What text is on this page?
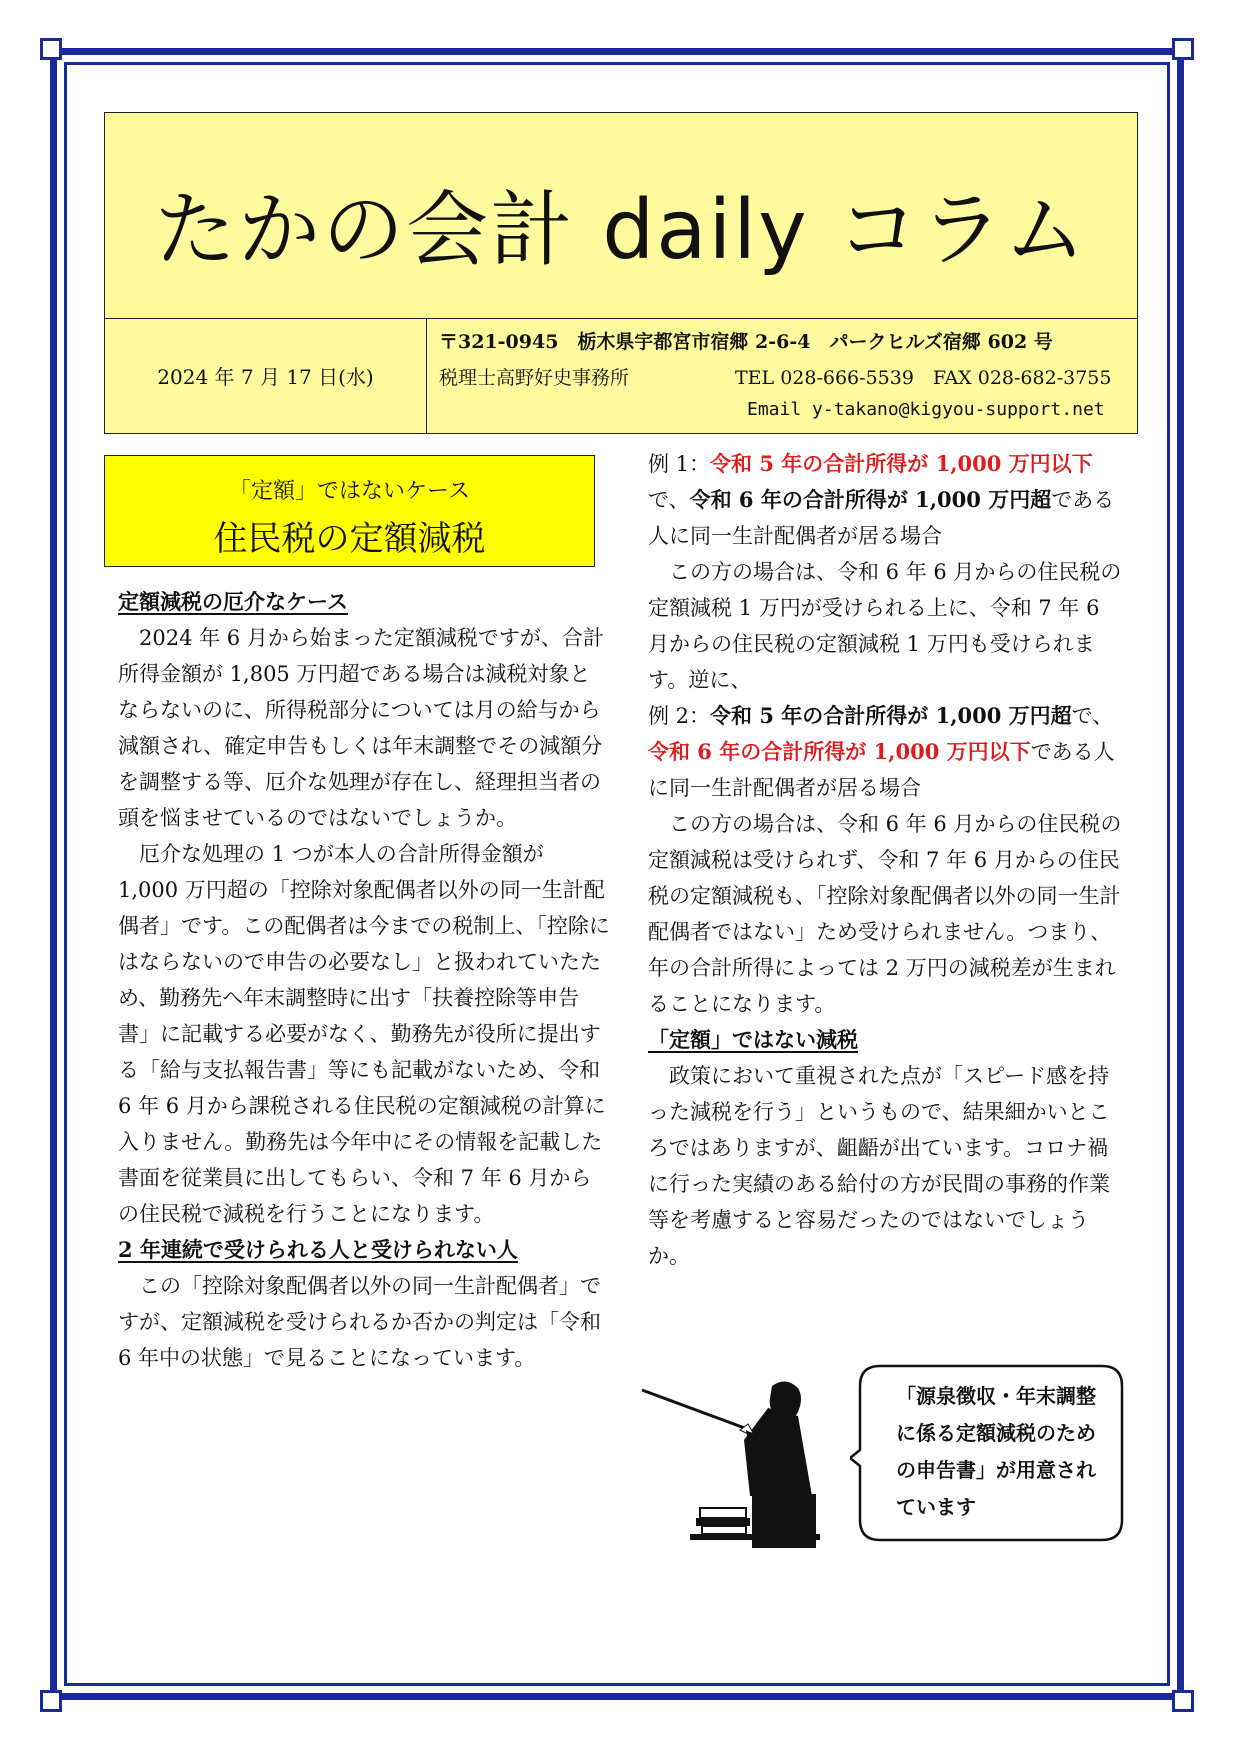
たかの会計 daily コラム
2024 年 7 月 17 日(水)
〒321-0945　栃木県宇都宮市宿郷 2-6-4　パークヒルズ宿郷 602 号
税理士高野好史事務所	TEL 028-666-5539　FAX 028-682-3755
Email y-takano@kigyou-support.net
「定額」ではないケース
住民税の定額減税

定額減税の厄介なケース

2024 年 6 月から始まった定額減税ですが、合計所得金額が 1,805 万円超である場合は減税対象とならないのに、所得税部分については月の給与から減額され、確定申告もしくは年末調整でその減額分を調整する等、厄介な処理が存在し、経理担当者の頭を悩ませているのではないでしょうか。

厄介な処理の 1 つが本人の合計所得金額が 1,000 万円超の「控除対象配偶者以外の同一生計配偶者」です。この配偶者は今までの税制上、「控除にはならないので申告の必要なし」と扱われていたため、勤務先へ年末調整時に出す「扶養控除等申告書」に記載する必要がなく、勤務先が役所に提出する「給与支払報告書」等にも記載がないため、令和 6 年 6 月から課税される住民税の定額減税の計算に入りません。勤務先は今年中にその情報を記載した書面を従業員に出してもらい、令和 7 年 6 月からの住民税で減税を行うことになります。

2 年連続で受けられる人と受けられない人

この「控除対象配偶者以外の同一生計配偶者」ですが、定額減税を受けられるか否かの判定は「令和 6 年中の状態」で見ることになっています。

例 1：令和 5 年の合計所得が 1,000 万円以下で、令和 6 年の合計所得が 1,000 万円超である人に同一生計配偶者が居る場合

この方の場合は、令和 6 年 6 月からの住民税の定額減税 1 万円が受けられる上に、令和 7 年 6 月からの住民税の定額減税 1 万円も受けられます。逆に、

例 2：令和 5 年の合計所得が 1,000 万円超で、令和 6 年の合計所得が 1,000 万円以下である人に同一生計配偶者が居る場合

この方の場合は、令和 6 年 6 月からの住民税の定額減税は受けられず、令和 7 年 6 月からの住民税の定額減税も、「控除対象配偶者以外の同一生計配偶者ではない」ため受けられません。つまり、年の合計所得によっては 2 万円の減税差が生まれることになります。

「定額」ではない減税

政策において重視された点が「スピード感を持った減税を行う」というもので、結果細かいところではありますが、齟齬が出ています。コロナ禍に行った実績のある給付の方が民間の事務的作業等を考慮すると容易だったのではないでしょうか。

「源泉徴収・年末調整に係る定額減税のための申告書」が用意されています
